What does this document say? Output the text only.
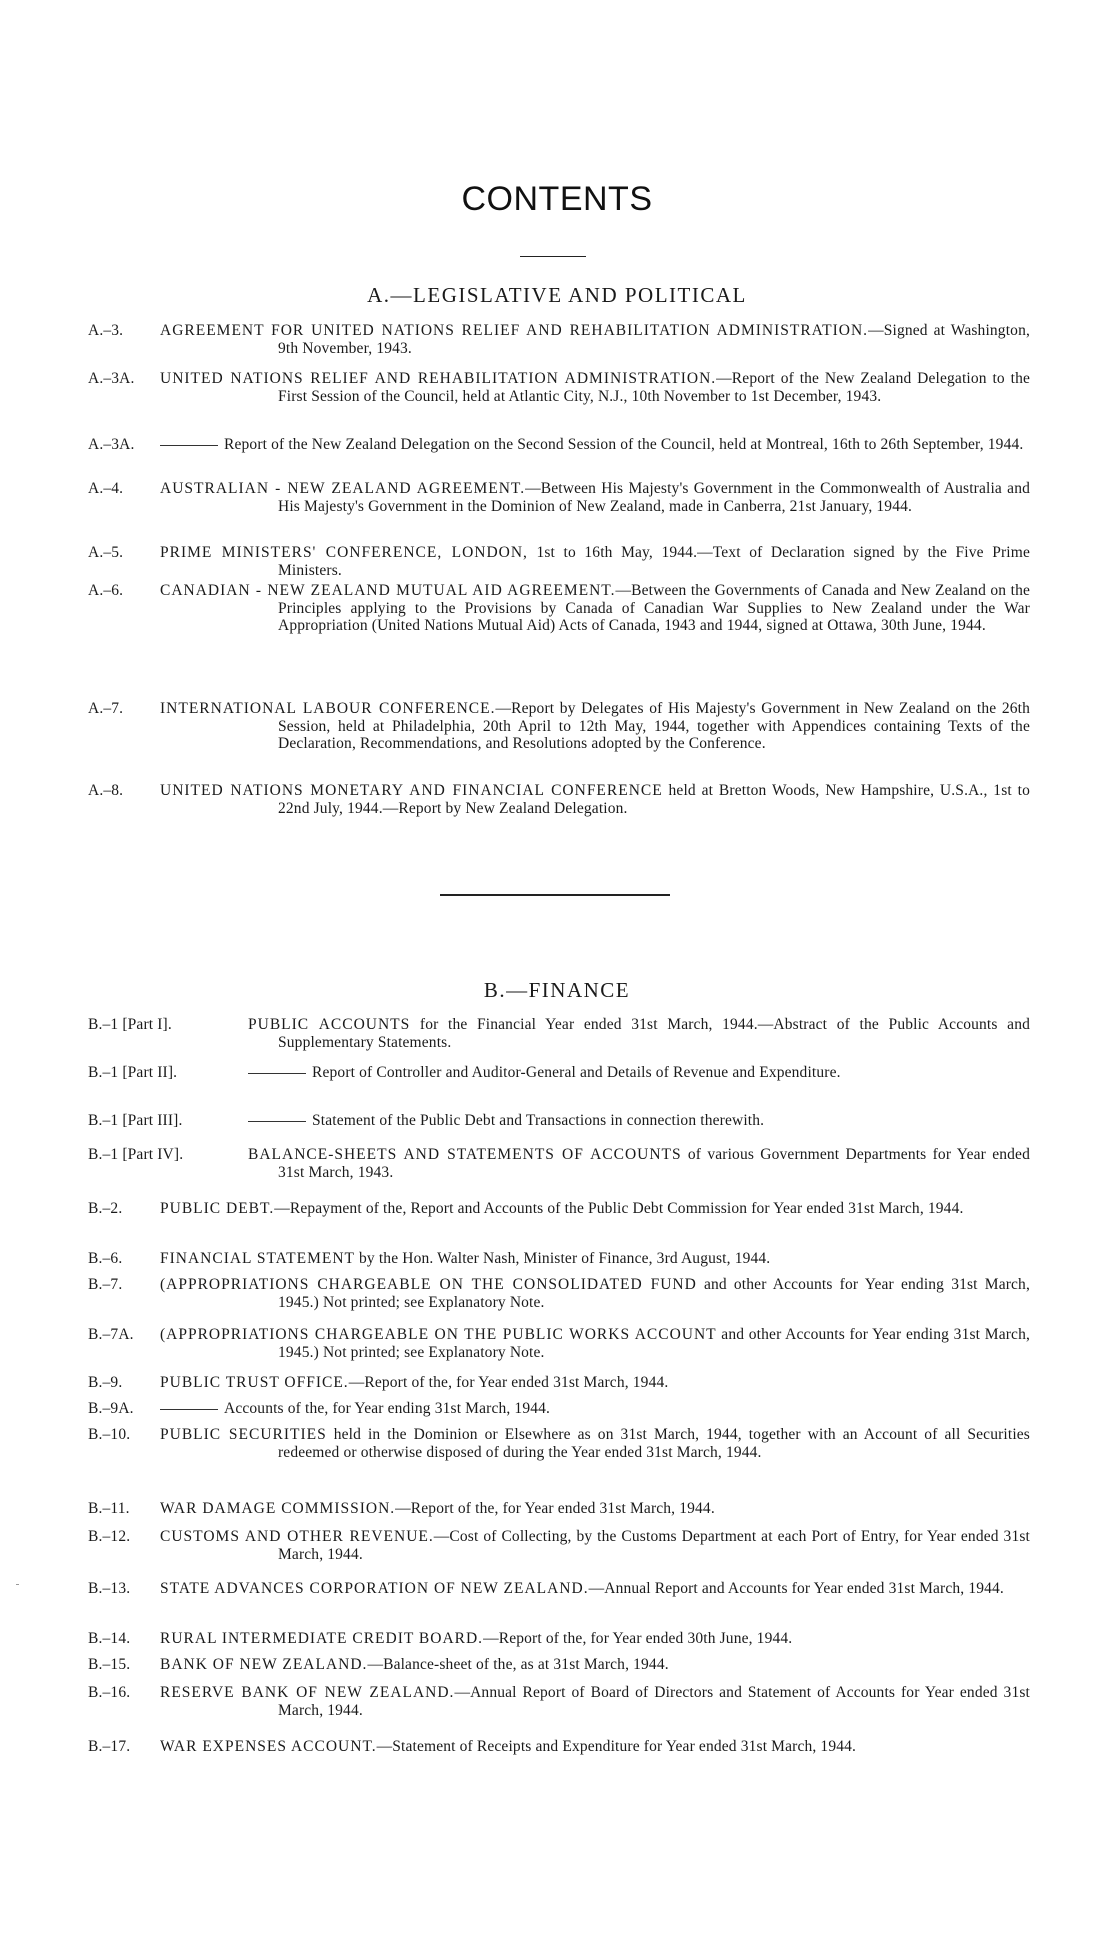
CONTENTS
A.—LEGISLATIVE AND POLITICAL
A.–3. AGREEMENT FOR UNITED NATIONS RELIEF AND REHABILITATION ADMINISTRATION.—Signed at Washington, 9th November, 1943.
A.–3A. UNITED NATIONS RELIEF AND REHABILITATION ADMINISTRATION.—Report of the New Zealand Delegation to the First Session of the Council, held at Atlantic City, N.J., 10th November to 1st December, 1943.
A.–3A.	Report of the New Zealand Delegation on the Second Session of the Council, held at Montreal, 16th to 26th September, 1944.
A.–4. AUSTRALIAN - NEW ZEALAND AGREEMENT.—Between His Majesty's Government in the Commonwealth of Australia and His Majesty's Government in the Dominion of New Zealand, made in Canberra, 21st January, 1944.
A.–5. PRIME MINISTERS' CONFERENCE, LONDON, 1st to 16th May, 1944.—Text of Declaration signed by the Five Prime Ministers.
A.–6. CANADIAN - NEW ZEALAND MUTUAL AID AGREEMENT.—Between the Governments of Canada and New Zealand on the Principles applying to the Provisions by Canada of Canadian War Supplies to New Zealand under the War Appropriation (United Nations Mutual Aid) Acts of Canada, 1943 and 1944, signed at Ottawa, 30th June, 1944.
A.–7. INTERNATIONAL LABOUR CONFERENCE.—Report by Delegates of His Majesty's Government in New Zealand on the 26th Session, held at Philadelphia, 20th April to 12th May, 1944, together with Appendices containing Texts of the Declaration, Recommendations, and Resolutions adopted by the Conference.
A.–8. UNITED NATIONS MONETARY AND FINANCIAL CONFERENCE held at Bretton Woods, New Hampshire, U.S.A., 1st to 22nd July, 1944.—Report by New Zealand Delegation.
B.—FINANCE
B.–1 [Part I].	PUBLIC ACCOUNTS for the Financial Year ended 31st March, 1944.—Abstract of the Public Accounts and Supplementary Statements.
B.–1 [Part II].	Report of Controller and Auditor-General and Details of Revenue and Expenditure.
B.–1 [Part III].	Statement of the Public Debt and Transactions in connection therewith.
B.–1 [Part IV].	BALANCE-SHEETS AND STATEMENTS OF ACCOUNTS of various Government Departments for Year ended 31st March, 1943.
B.–2. PUBLIC DEBT.—Repayment of the, Report and Accounts of the Public Debt Commission for Year ended 31st March, 1944.
B.–6. FINANCIAL STATEMENT by the Hon. Walter Nash, Minister of Finance, 3rd August, 1944.
B.–7. (APPROPRIATIONS CHARGEABLE ON THE CONSOLIDATED FUND and other Accounts for Year ending 31st March, 1945.) Not printed; see Explanatory Note.
B.–7A. (APPROPRIATIONS CHARGEABLE ON THE PUBLIC WORKS ACCOUNT and other Accounts for Year ending 31st March, 1945.) Not printed; see Explanatory Note.
B.–9. PUBLIC TRUST OFFICE.—Report of the, for Year ended 31st March, 1944.
B.–9A.	Accounts of the, for Year ending 31st March, 1944.
B.–10. PUBLIC SECURITIES held in the Dominion or Elsewhere as on 31st March, 1944, together with an Account of all Securities redeemed or otherwise disposed of during the Year ended 31st March, 1944.
B.–11. WAR DAMAGE COMMISSION.—Report of the, for Year ended 31st March, 1944.
B.–12. CUSTOMS AND OTHER REVENUE.—Cost of Collecting, by the Customs Department at each Port of Entry, for Year ended 31st March, 1944.
B.–13. STATE ADVANCES CORPORATION OF NEW ZEALAND.—Annual Report and Accounts for Year ended 31st March, 1944.
B.–14. RURAL INTERMEDIATE CREDIT BOARD.—Report of the, for Year ended 30th June, 1944.
B.–15. BANK OF NEW ZEALAND.—Balance-sheet of the, as at 31st March, 1944.
B.–16. RESERVE BANK OF NEW ZEALAND.—Annual Report of Board of Directors and Statement of Accounts for Year ended 31st March, 1944.
B.–17. WAR EXPENSES ACCOUNT.—Statement of Receipts and Expenditure for Year ended 31st March, 1944.
